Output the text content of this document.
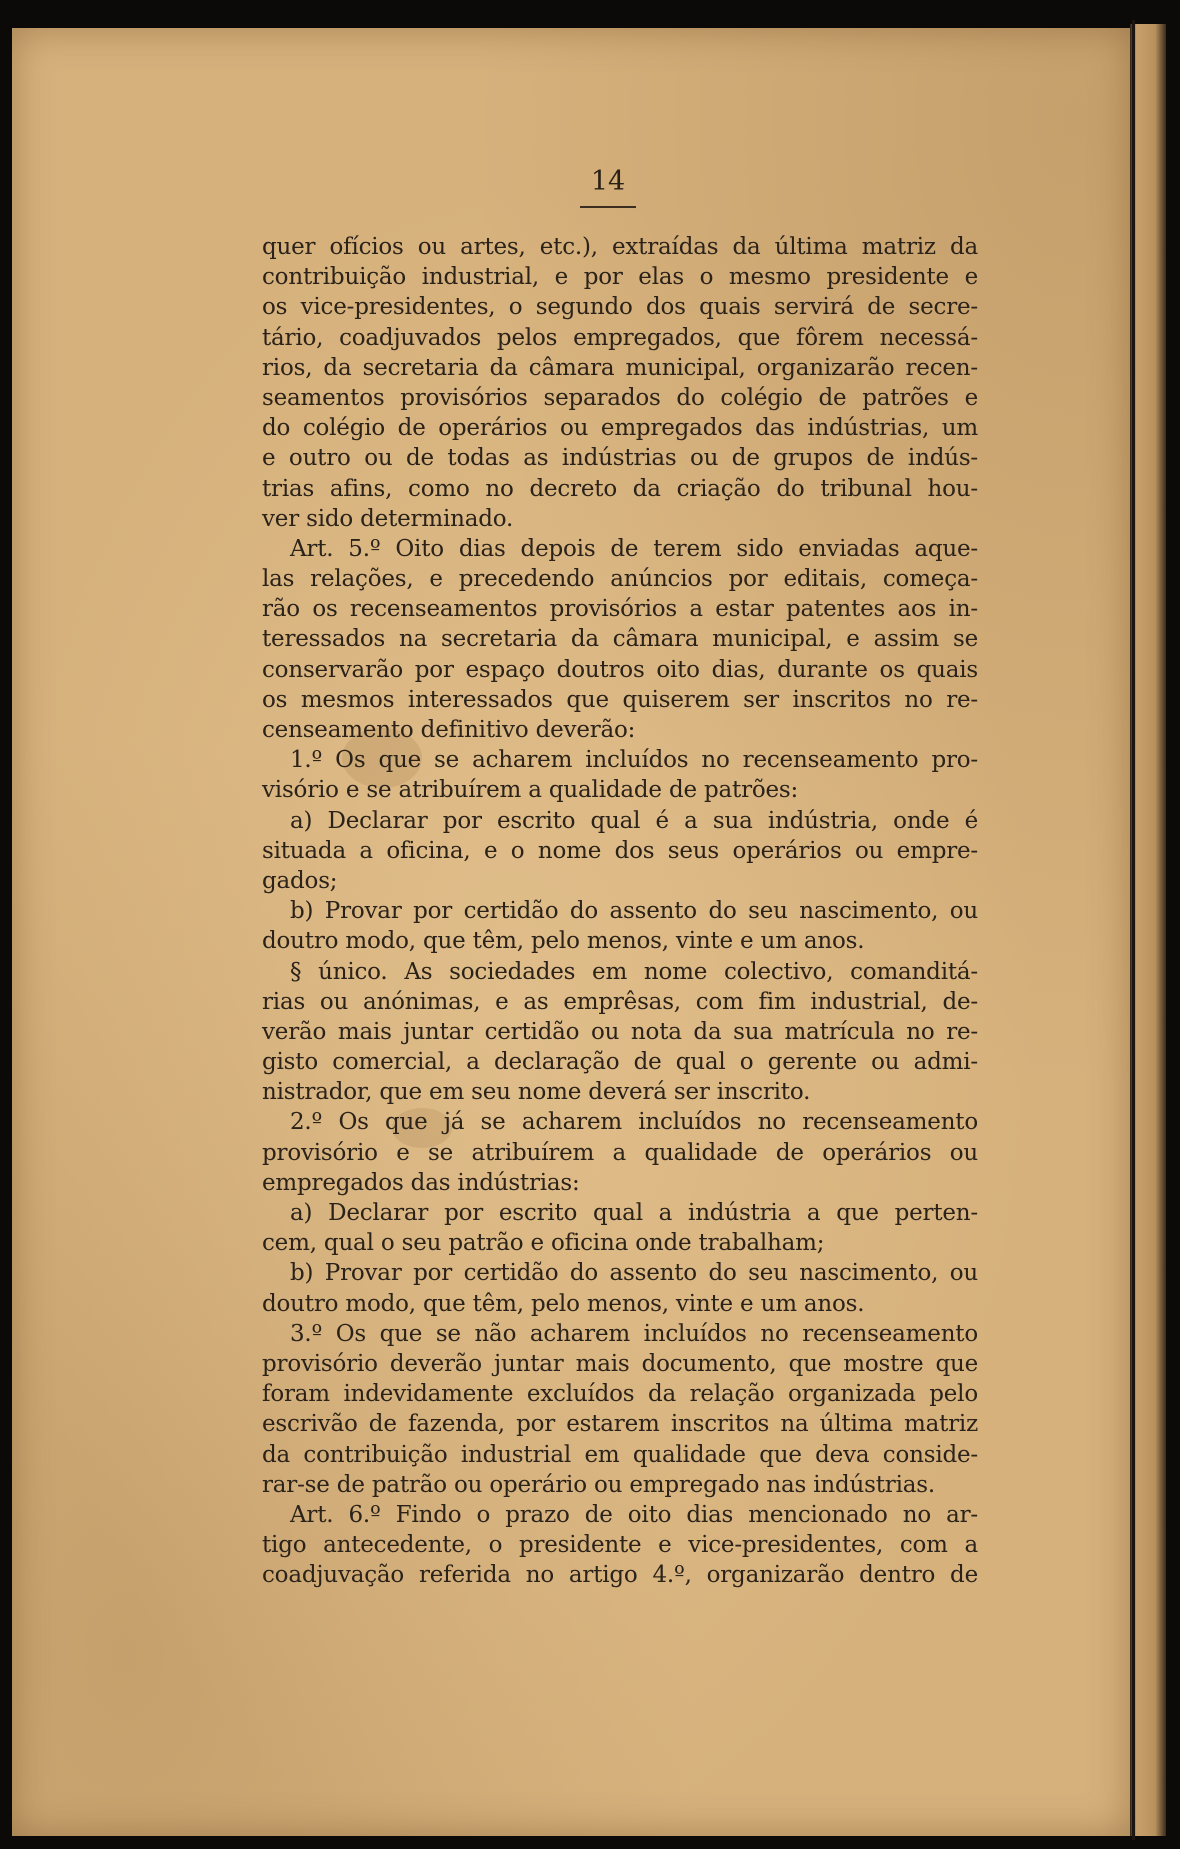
14
quer ofícios ou artes, etc.), extraídas da última matriz da
contribuição industrial, e por elas o mesmo presidente e
os vice-presidentes, o segundo dos quais servirá de secre-
tário, coadjuvados pelos empregados, que fôrem necessá-
rios, da secretaria da câmara municipal, organizarão recen-
seamentos provisórios separados do colégio de patrões e
do colégio de operários ou empregados das indústrias, um
e outro ou de todas as indústrias ou de grupos de indús-
trias afins, como no decreto da criação do tribunal hou-
ver sido determinado.
Art. 5.º Oito dias depois de terem sido enviadas aque-
las relações, e precedendo anúncios por editais, começa-
rão os recenseamentos provisórios a estar patentes aos in-
teressados na secretaria da câmara municipal, e assim se
conservarão por espaço doutros oito dias, durante os quais
os mesmos interessados que quiserem ser inscritos no re-
censeamento definitivo deverão:
1.º Os que se acharem incluídos no recenseamento pro-
visório e se atribuírem a qualidade de patrões:
a) Declarar por escrito qual é a sua indústria, onde é
situada a oficina, e o nome dos seus operários ou empre-
gados;
b) Provar por certidão do assento do seu nascimento, ou
doutro modo, que têm, pelo menos, vinte e um anos.
§ único. As sociedades em nome colectivo, comanditá-
rias ou anónimas, e as emprêsas, com fim industrial, de-
verão mais juntar certidão ou nota da sua matrícula no re-
gisto comercial, a declaração de qual o gerente ou admi-
nistrador, que em seu nome deverá ser inscrito.
2.º Os que já se acharem incluídos no recenseamento
provisório e se atribuírem a qualidade de operários ou
empregados das indústrias:
a) Declarar por escrito qual a indústria a que perten-
cem, qual o seu patrão e oficina onde trabalham;
b) Provar por certidão do assento do seu nascimento, ou
doutro modo, que têm, pelo menos, vinte e um anos.
3.º Os que se não acharem incluídos no recenseamento
provisório deverão juntar mais documento, que mostre que
foram indevidamente excluídos da relação organizada pelo
escrivão de fazenda, por estarem inscritos na última matriz
da contribuição industrial em qualidade que deva conside-
rar-se de patrão ou operário ou empregado nas indústrias.
Art. 6.º Findo o prazo de oito dias mencionado no ar-
tigo antecedente, o presidente e vice-presidentes, com a
coadjuvação referida no artigo 4.º, organizarão dentro de
